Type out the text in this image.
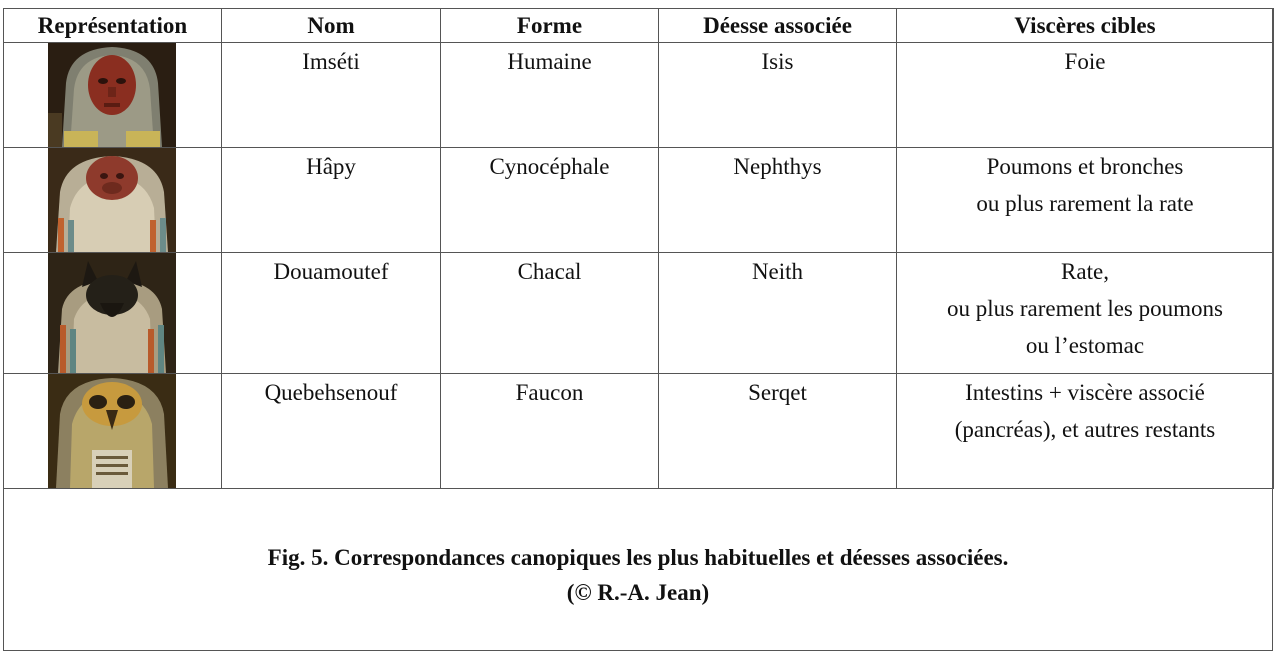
Représentation	Nom	Forme	Déesse associée	Viscères cibles

	Imséti	Humaine	Isis	Foie

	Hâpy	Cynocéphale	Nephthys	Poumons et bronches
ou plus rarement la rate

	Douamoutef	Chacal	Neith	Rate,
ou plus rarement les poumons
ou l’estomac

	Quebehsenouf	Faucon	Serqet	Intestins + viscère associé
(pancréas), et autres restants
Fig. 5. Correspondances canopiques les plus habituelles et déesses associées.
(© R.-A. Jean)
